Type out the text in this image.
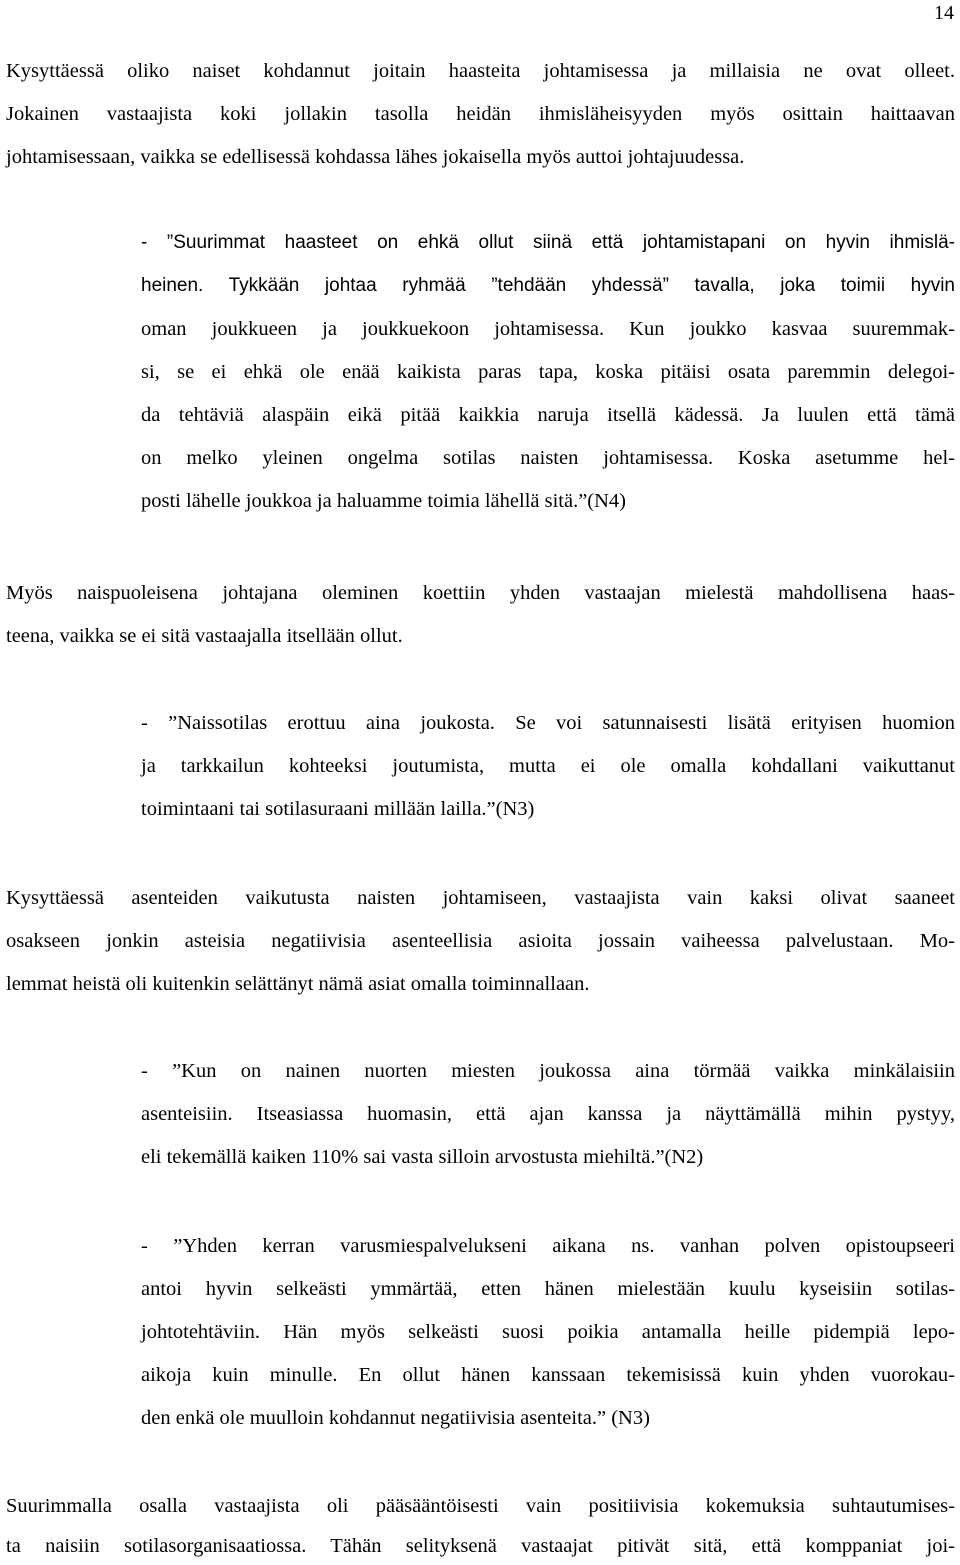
14
Kysyttäessä oliko naiset kohdannut joitain haasteita johtamisessa ja millaisia ne ovat olleet.
Jokainen vastaajista koki jollakin tasolla heidän ihmisläheisyyden myös osittain haittaavan
johtamisessaan, vaikka se edellisessä kohdassa lähes jokaisella myös auttoi johtajuudessa.
- ”Suurimmat haasteet on ehkä ollut siinä että johtamistapani on hyvin ihmislä-
heinen. Tykkään johtaa ryhmää ”tehdään yhdessä” tavalla, joka toimii hyvin
oman joukkueen ja joukkuekoon johtamisessa. Kun joukko kasvaa suuremmak-
si, se ei ehkä ole enää kaikista paras tapa, koska pitäisi osata paremmin delegoi-
da tehtäviä alaspäin eikä pitää kaikkia naruja itsellä kädessä. Ja luulen että tämä
on melko yleinen ongelma sotilas naisten johtamisessa. Koska asetumme hel-
posti lähelle joukkoa ja haluamme toimia lähellä sitä.”(N4)
Myös naispuoleisena johtajana oleminen koettiin yhden vastaajan mielestä mahdollisena haas-
teena, vaikka se ei sitä vastaajalla itsellään ollut.
- ”Naissotilas erottuu aina joukosta. Se voi satunnaisesti lisätä erityisen huomion
ja tarkkailun kohteeksi joutumista, mutta ei ole omalla kohdallani vaikuttanut
toimintaani tai sotilasuraani millään lailla.”(N3)
Kysyttäessä asenteiden vaikutusta naisten johtamiseen, vastaajista vain kaksi olivat saaneet
osakseen jonkin asteisia negatiivisia asenteellisia asioita jossain vaiheessa palvelustaan. Mo-
lemmat heistä oli kuitenkin selättänyt nämä asiat omalla toiminnallaan.
- ”Kun on nainen nuorten miesten joukossa aina törmää vaikka minkälaisiin
asenteisiin. Itseasiassa huomasin, että ajan kanssa ja näyttämällä mihin pystyy,
eli tekemällä kaiken 110% sai vasta silloin arvostusta miehiltä.”(N2)
- ”Yhden kerran varusmiespalvelukseni aikana ns. vanhan polven opistoupseeri
antoi hyvin selkeästi ymmärtää, etten hänen mielestään kuulu kyseisiin sotilas-
johtotehtäviin. Hän myös selkeästi suosi poikia antamalla heille pidempiä lepo-
aikoja kuin minulle. En ollut hänen kanssaan tekemisissä kuin yhden vuorokau-
den enkä ole muulloin kohdannut negatiivisia asenteita.” (N3)
Suurimmalla osalla vastaajista oli pääsääntöisesti vain positiivisia kokemuksia suhtautumises-
ta naisiin sotilasorganisaatiossa. Tähän selityksenä vastaajat pitivät sitä, että komppaniat joi-
